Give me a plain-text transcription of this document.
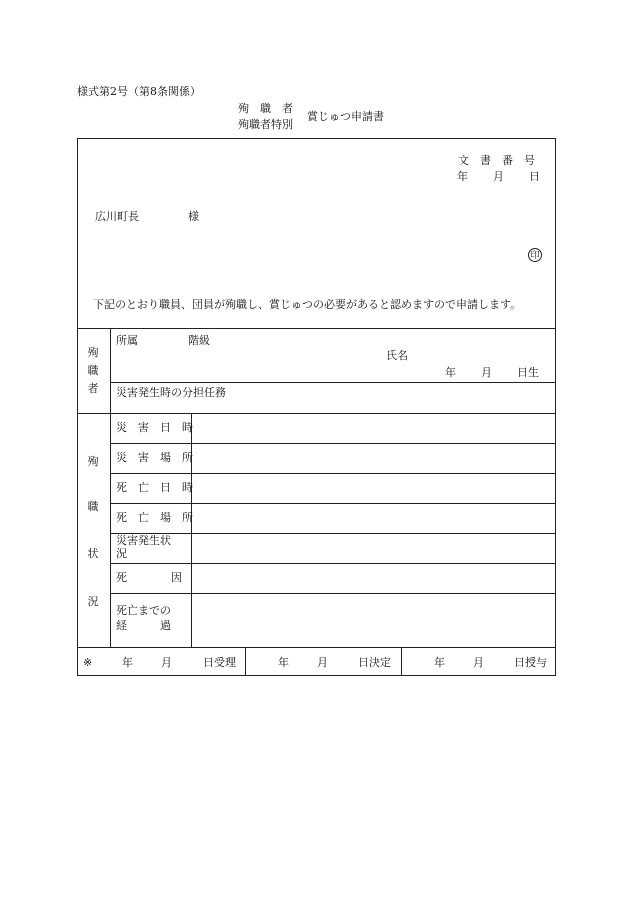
様式第2号（第8条関係）
殉　職　者
殉職者特別
賞じゅつ申請書
文　書　番　号
年 月 日
広川町長	様
印
下記のとおり職員、団員が殉職し、賞じゅつの必要があると認めますので申請します。
殉
職
者
所属	階級
氏名
年 月 日生
災害発生時の分担任務
殉
職
状
況
災　害　日　時
災　害　場　所
死　亡　日　時
死　亡　場　所
災害発生状
況
死　　　　因
死亡までの
経　　　過
※	年	月	日受理	年	月	日決定	年	月	日授与
